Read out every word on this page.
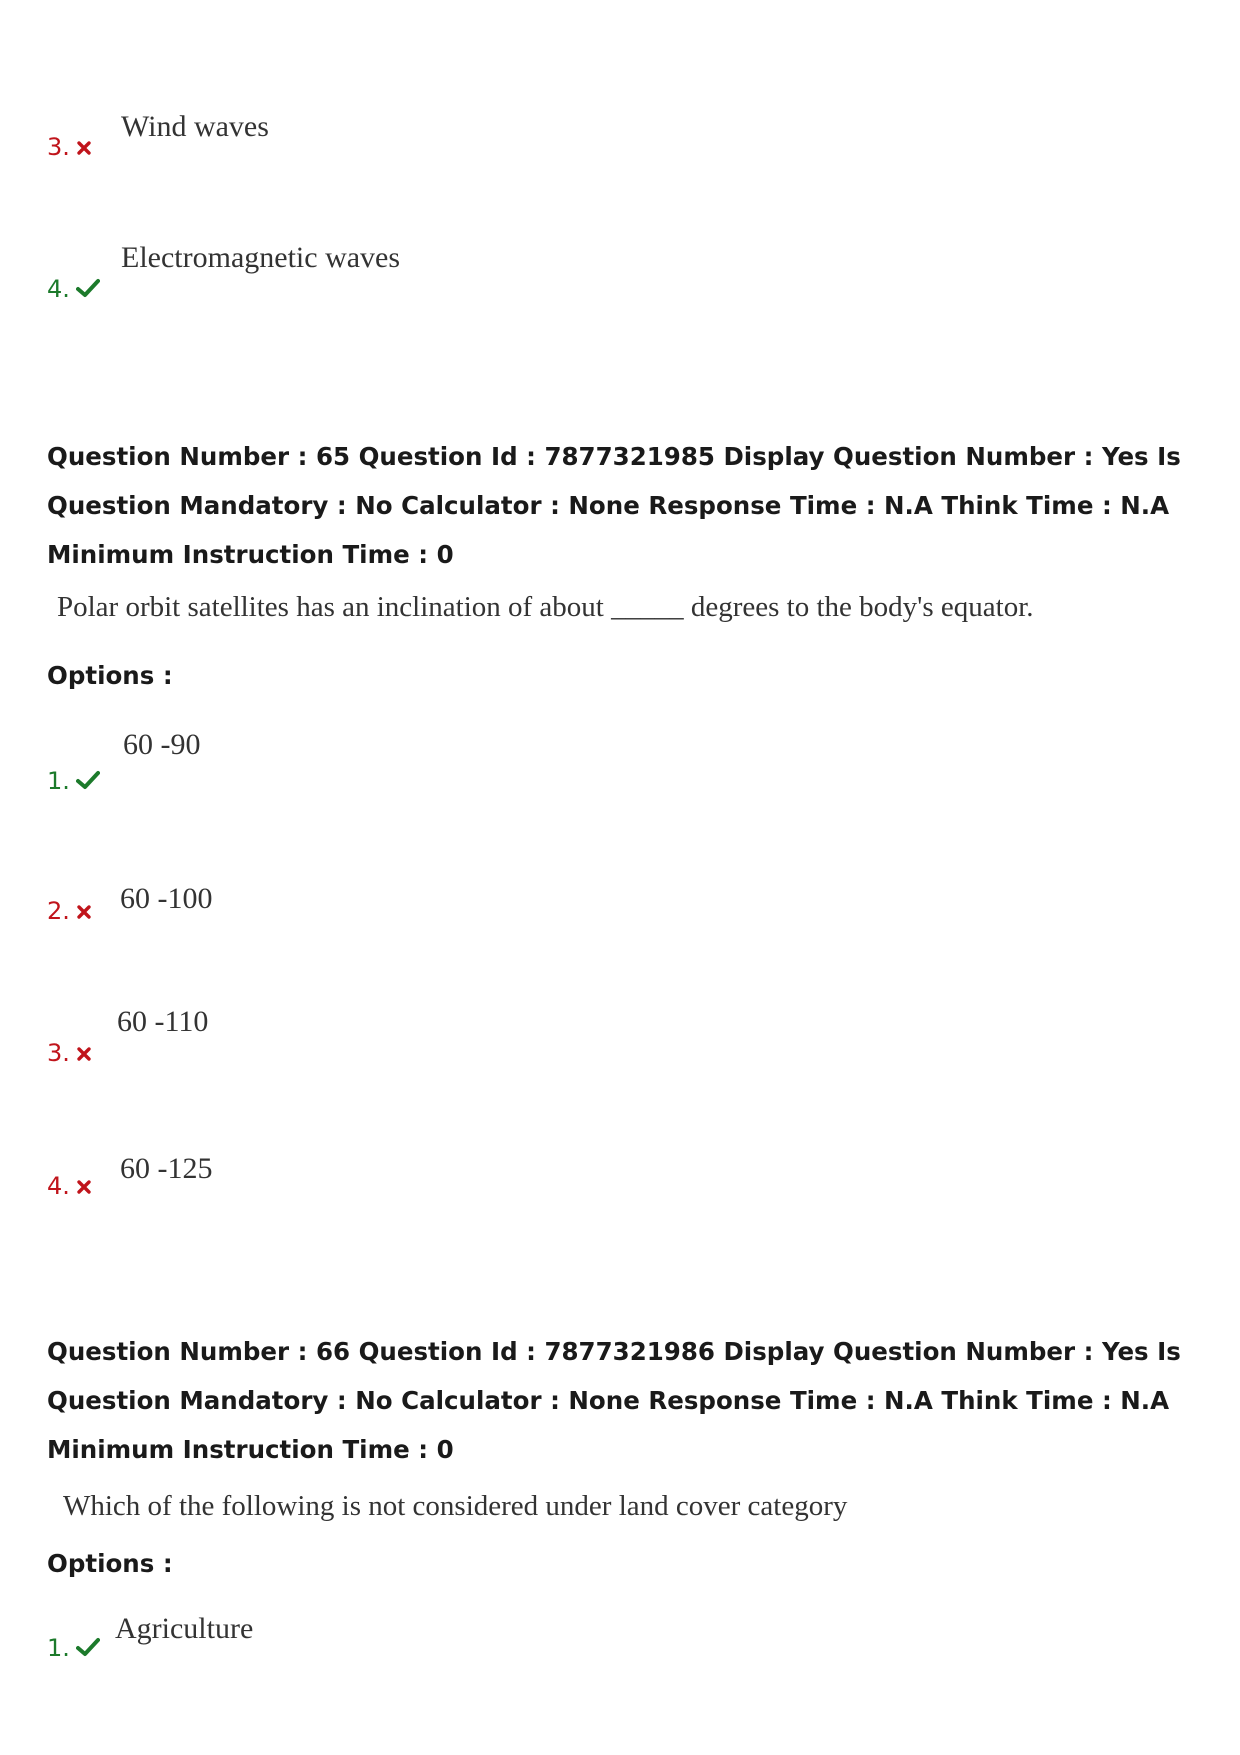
3.
Wind waves
4.
Electromagnetic waves
Question Number : 65 Question Id : 7877321985 Display Question Number : Yes Is Question Mandatory : No Calculator : None Response Time : N.A Think Time : N.A Minimum Instruction Time : 0
Polar orbit satellites has an inclination of about _____ degrees to the body's equator.
Options :
1.
60 -90
2.	60 -100
3.
60 -110
4.
60 -125
Question Number : 66 Question Id : 7877321986 Display Question Number : Yes Is Question Mandatory : No Calculator : None Response Time : N.A Think Time : N.A Minimum Instruction Time : 0
Which of the following is not considered under land cover category
Options :
1.
Agriculture
